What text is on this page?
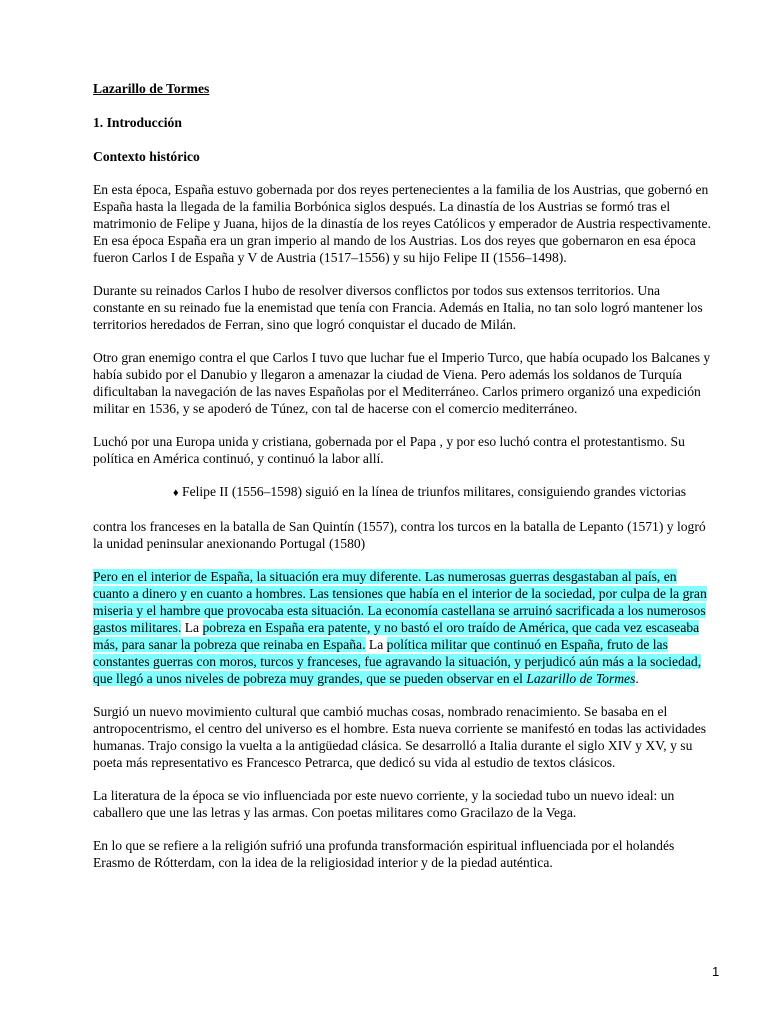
Lazarillo de Tormes

1. Introducción

Contexto histórico

En esta época, España estuvo gobernada por dos reyes pertenecientes a la familia de los Austrias, que gobernó en España hasta la llegada de la familia Borbónica siglos después. La dinastía de los Austrias se formó tras el matrimonio de Felipe y Juana, hijos de la dinastía de los reyes Católicos y emperador de Austria respectivamente. En esa época España era un gran imperio al mando de los Austrias. Los dos reyes que gobernaron en esa época fueron Carlos I de España y V de Austria (1517–1556) y su hijo Felipe II (1556–1498).

Durante su reinados Carlos I hubo de resolver diversos conflictos por todos sus extensos territorios. Una constante en su reinado fue la enemistad que tenía con Francia. Además en Italia, no tan solo logró mantener los territorios heredados de Ferran, sino que logró conquistar el ducado de Milán.

Otro gran enemigo contra el que Carlos I tuvo que luchar fue el Imperio Turco, que había ocupado los Balcanes y había subido por el Danubio y llegaron a amenazar la ciudad de Viena. Pero además los soldanos de Turquía dificultaban la navegación de las naves Españolas por el Mediterráneo. Carlos primero organizó una expedición militar en 1536, y se apoderó de Túnez, con tal de hacerse con el comercio mediterráneo.

Luchó por una Europa unida y cristiana, gobernada por el Papa , y por eso luchó contra el protestantismo. Su política en América continuó, y continuó la labor allí.

♦ Felipe II (1556–1598) siguió en la línea de triunfos militares, consiguiendo grandes victorias

contra los franceses en la batalla de San Quintín (1557), contra los turcos en la batalla de Lepanto (1571) y logró la unidad peninsular anexionando Portugal (1580)

Pero en el interior de España, la situación era muy diferente. Las numerosas guerras desgastaban al país, en cuanto a dinero y en cuanto a hombres. Las tensiones que había en el interior de la sociedad, por culpa de la gran miseria y el hambre que provocaba esta situación. La economía castellana se arruinó sacrificada a los numerosos gastos militares. La pobreza en España era patente, y no bastó el oro traído de América, que cada vez escaseaba más, para sanar la pobreza que reinaba en España. La política militar que continuó en España, fruto de las constantes guerras con moros, turcos y franceses, fue agravando la situación, y perjudicó aún más a la sociedad, que llegó a unos niveles de pobreza muy grandes, que se pueden observar en el Lazarillo de Tormes.

Surgió un nuevo movimiento cultural que cambió muchas cosas, nombrado renacimiento. Se basaba en el antropocentrismo, el centro del universo es el hombre. Esta nueva corriente se manifestó en todas las actividades humanas. Trajo consigo la vuelta a la antigüedad clásica. Se desarrolló a Italia durante el siglo XIV y XV, y su poeta más representativo es Francesco Petrarca, que dedicó su vida al estudio de textos clásicos.

La literatura de la época se vio influenciada por este nuevo corriente, y la sociedad tubo un nuevo ideal: un caballero que une las letras y las armas. Con poetas militares como Gracilazo de la Vega.

En lo que se refiere a la religión sufrió una profunda transformación espiritual influenciada por el holandés Erasmo de Rótterdam, con la idea de la religiosidad interior y de la piedad auténtica.

1
